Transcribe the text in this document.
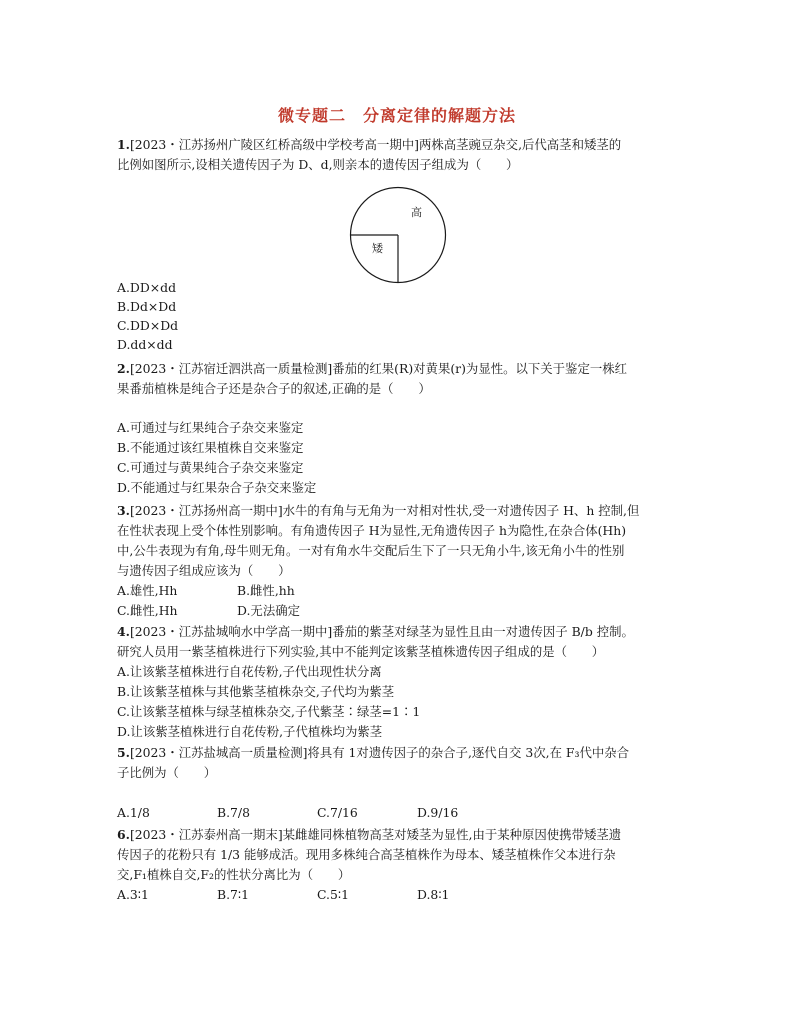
微专题二　分离定律的解题方法
1.[2023・江苏扬州广陵区红桥高级中学校考高一期中]两株高茎豌豆杂交,后代高茎和矮茎的
比例如图所示,设相关遗传因子为 D、d,则亲本的遗传因子组成为（　　）
高
矮
A.DD×dd
B.Dd×Dd
C.DD×Dd
D.dd×dd
2.[2023・江苏宿迁泗洪高一质量检测]番茄的红果(R)对黄果(r)为显性。以下关于鉴定一株红
果番茄植株是纯合子还是杂合子的叙述,正确的是（　　）
A.可通过与红果纯合子杂交来鉴定
B.不能通过该红果植株自交来鉴定
C.可通过与黄果纯合子杂交来鉴定
D.不能通过与红果杂合子杂交来鉴定
3.[2023・江苏扬州高一期中]水牛的有角与无角为一对相对性状,受一对遗传因子 H、h 控制,但
在性状表现上受个体性别影响。有角遗传因子 H为显性,无角遗传因子 h为隐性,在杂合体(Hh)
中,公牛表现为有角,母牛则无角。一对有角水牛交配后生下了一只无角小牛,该无角小牛的性别
与遗传因子组成应该为（　　）
A.雄性,Hh	B.雌性,hh
C.雌性,Hh	D.无法确定
4.[2023・江苏盐城响水中学高一期中]番茄的紫茎对绿茎为显性且由一对遗传因子 B/b 控制。
研究人员用一紫茎植株进行下列实验,其中不能判定该紫茎植株遗传因子组成的是（　　）
A.让该紫茎植株进行自花传粉,子代出现性状分离
B.让该紫茎植株与其他紫茎植株杂交,子代均为紫茎
C.让该紫茎植株与绿茎植株杂交,子代紫茎∶绿茎=1∶1
D.让该紫茎植株进行自花传粉,子代植株均为紫茎
5.[2023・江苏盐城高一质量检测]将具有 1对遗传因子的杂合子,逐代自交 3次,在 F₃代中杂合
子比例为（　　）
A.1/8	B.7/8	C.7/16	D.9/16
6.[2023・江苏泰州高一期末]某雌雄同株植物高茎对矮茎为显性,由于某种原因使携带矮茎遗
传因子的花粉只有 1/3 能够成活。现用多株纯合高茎植株作为母本、矮茎植株作父本进行杂
交,F₁植株自交,F₂的性状分离比为（　　）
A.3∶1	B.7∶1	C.5∶1	D.8∶1
